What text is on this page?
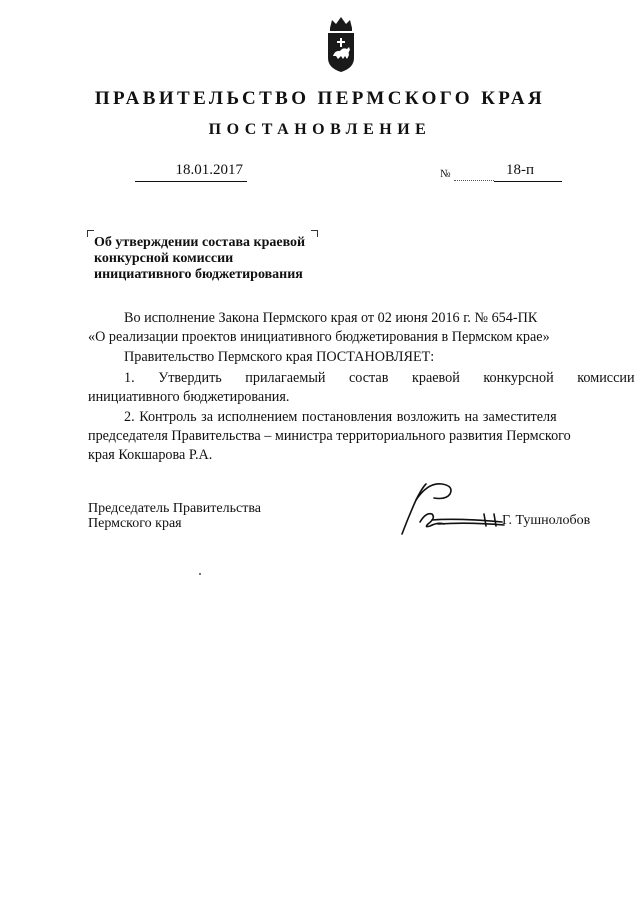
ПРАВИТЕЛЬСТВО ПЕРМСКОГО КРАЯ
ПОСТАНОВЛЕНИЕ
18.01.2017	№	18-п
Об утверждении состава краевой
конкурсной комиссии
инициативного бюджетирования
Во исполнение Закона Пермского края от 02 июня 2016 г. № 654-ПК
«О реализации проектов инициативного бюджетирования в Пермском крае»
Правительство Пермского края ПОСТАНОВЛЯЕТ:
1. Утвердить прилагаемый состав краевой конкурсной комиссии
инициативного бюджетирования.
2. Контроль за исполнением постановления возложить на заместителя
председателя Правительства – министра территориального развития Пермского
края Кокшарова Р.А.
Председатель Правительства
Пермского края	Г. Тушнолобов
